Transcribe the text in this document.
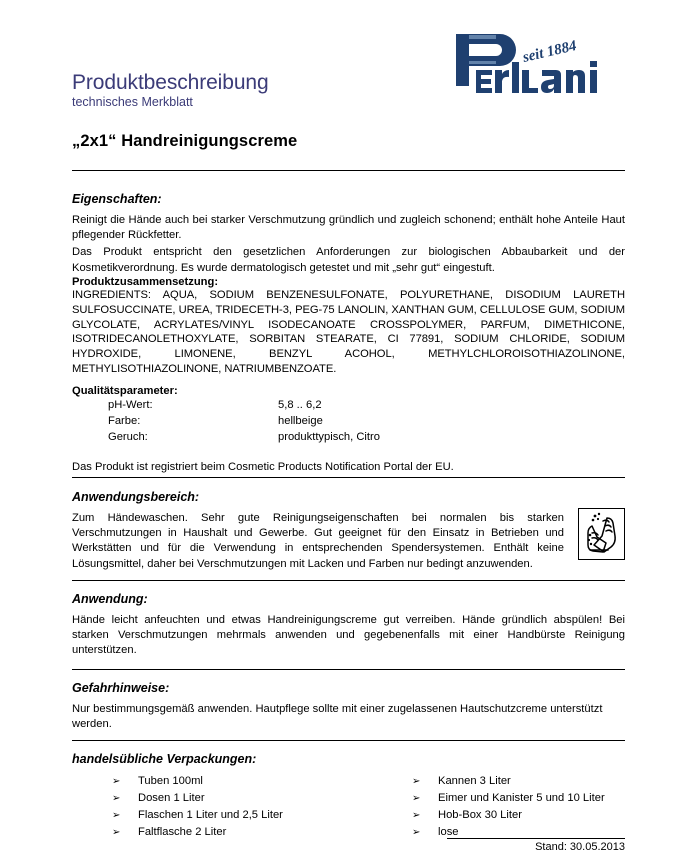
seit 1884
Produktbeschreibung
technisches Merkblatt
„2x1“ Handreinigungscreme
Eigenschaften:

Reinigt die Hände auch bei starker Verschmutzung gründlich und zugleich schonend; enthält hohe Anteile Haut pflegender Rückfetter.

Das Produkt entspricht den gesetzlichen Anforderungen zur biologischen Abbaubarkeit und der Kosmetikverordnung. Es wurde dermatologisch getestet und mit „sehr gut“ eingestuft.

Produktzusammensetzung:

INGREDIENTS: AQUA, SODIUM BENZENESULFONATE, POLYURETHANE, DISODIUM LAURETH SULFOSUCCINATE, UREA, TRIDECETH-3, PEG-75 LANOLIN, XANTHAN GUM, CELLULOSE GUM, SODIUM GLYCOLATE, ACRYLATES/VINYL ISODECANOATE CROSSPOLYMER, PARFUM, DIMETHICONE, ISOTRIDECANOLETHOXYLATE, SORBITAN STEARATE, CI 77891, SODIUM CHLORIDE, SODIUM HYDROXIDE, LIMONENE, BENZYL ACOHOL, METHYLCHLOROISOTHIAZOLINONE, METHYLISOTHIAZOLINONE, NATRIUMBENZOATE.

Qualitätsparameter:
pH-Wert:	5,8 .. 6,2
Farbe:	hellbeige
Geruch:	produkttypisch, Citro

Das Produkt ist registriert beim Cosmetic Products Notification Portal der EU.

Anwendungsbereich:

Zum Händewaschen. Sehr gute Reinigungseigenschaften bei normalen bis starken Verschmutzungen in Haushalt und Gewerbe. Gut geeignet für den Einsatz in Betrieben und Werkstätten und für die Verwendung in entsprechenden Spendersystemen. Enthält keine Lösungsmittel, daher bei Verschmutzungen mit Lacken und Farben nur bedingt anzuwenden.

Anwendung:

Hände leicht anfeuchten und etwas Handreinigungscreme gut verreiben. Hände gründlich abspülen! Bei starken Verschmutzungen mehrmals anwenden und gegebenenfalls mit einer Handbürste Reinigung unterstützen.

Gefahrhinweise:

Nur bestimmungsgemäß anwenden. Hautpflege sollte mit einer zugelassenen Hautschutzcreme unterstützt werden.

handelsübliche Verpackungen:
➢ Tuben 100ml
➢ Dosen 1 Liter
➢ Flaschen 1 Liter und 2,5 Liter
➢ Faltflasche 2 Liter
➢ Kannen 3 Liter
➢ Eimer und Kanister 5 und 10 Liter
➢ Hob-Box 30 Liter
➢ lose
Stand: 30.05.2013
